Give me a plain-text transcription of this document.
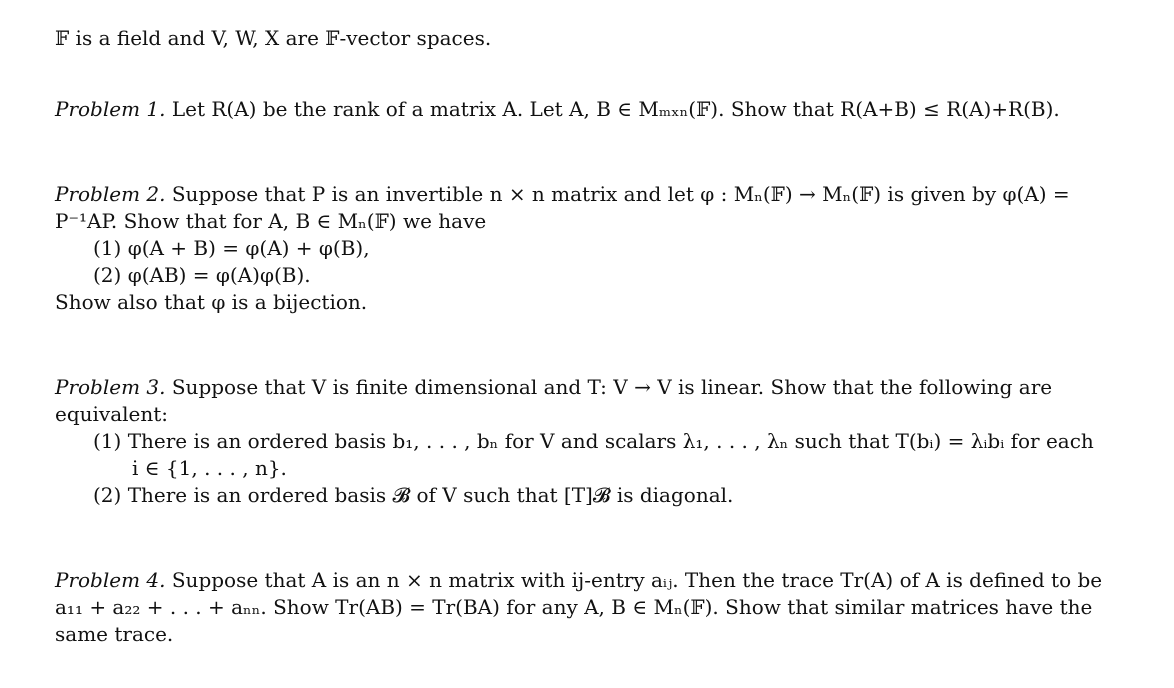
𝔽 is a field and V, W, X are 𝔽-vector spaces.
Problem 1. Let R(A) be the rank of a matrix A. Let A, B ∈ Mₘₓₙ(𝔽). Show that R(A+B) ≤ R(A)+R(B).
Problem 2. Suppose that P is an invertible n × n matrix and let φ : Mₙ(𝔽) → Mₙ(𝔽) is given by φ(A) =
P⁻¹AP. Show that for A, B ∈ Mₙ(𝔽) we have
(1) φ(A + B) = φ(A) + φ(B),
(2) φ(AB) = φ(A)φ(B).
Show also that φ is a bijection.
Problem 3. Suppose that V is finite dimensional and T: V → V is linear. Show that the following are
equivalent:
(1) There is an ordered basis b₁, . . . , bₙ for V and scalars λ₁, . . . , λₙ such that T(bᵢ) = λᵢbᵢ for each
i ∈ {1, . . . , n}.
(2) There is an ordered basis 𝓑 of V such that [T]𝓑 is diagonal.
Problem 4. Suppose that A is an n × n matrix with ij-entry aᵢⱼ. Then the trace Tr(A) of A is defined to be
a₁₁ + a₂₂ + . . . + aₙₙ. Show Tr(AB) = Tr(BA) for any A, B ∈ Mₙ(𝔽). Show that similar matrices have the
same trace.
